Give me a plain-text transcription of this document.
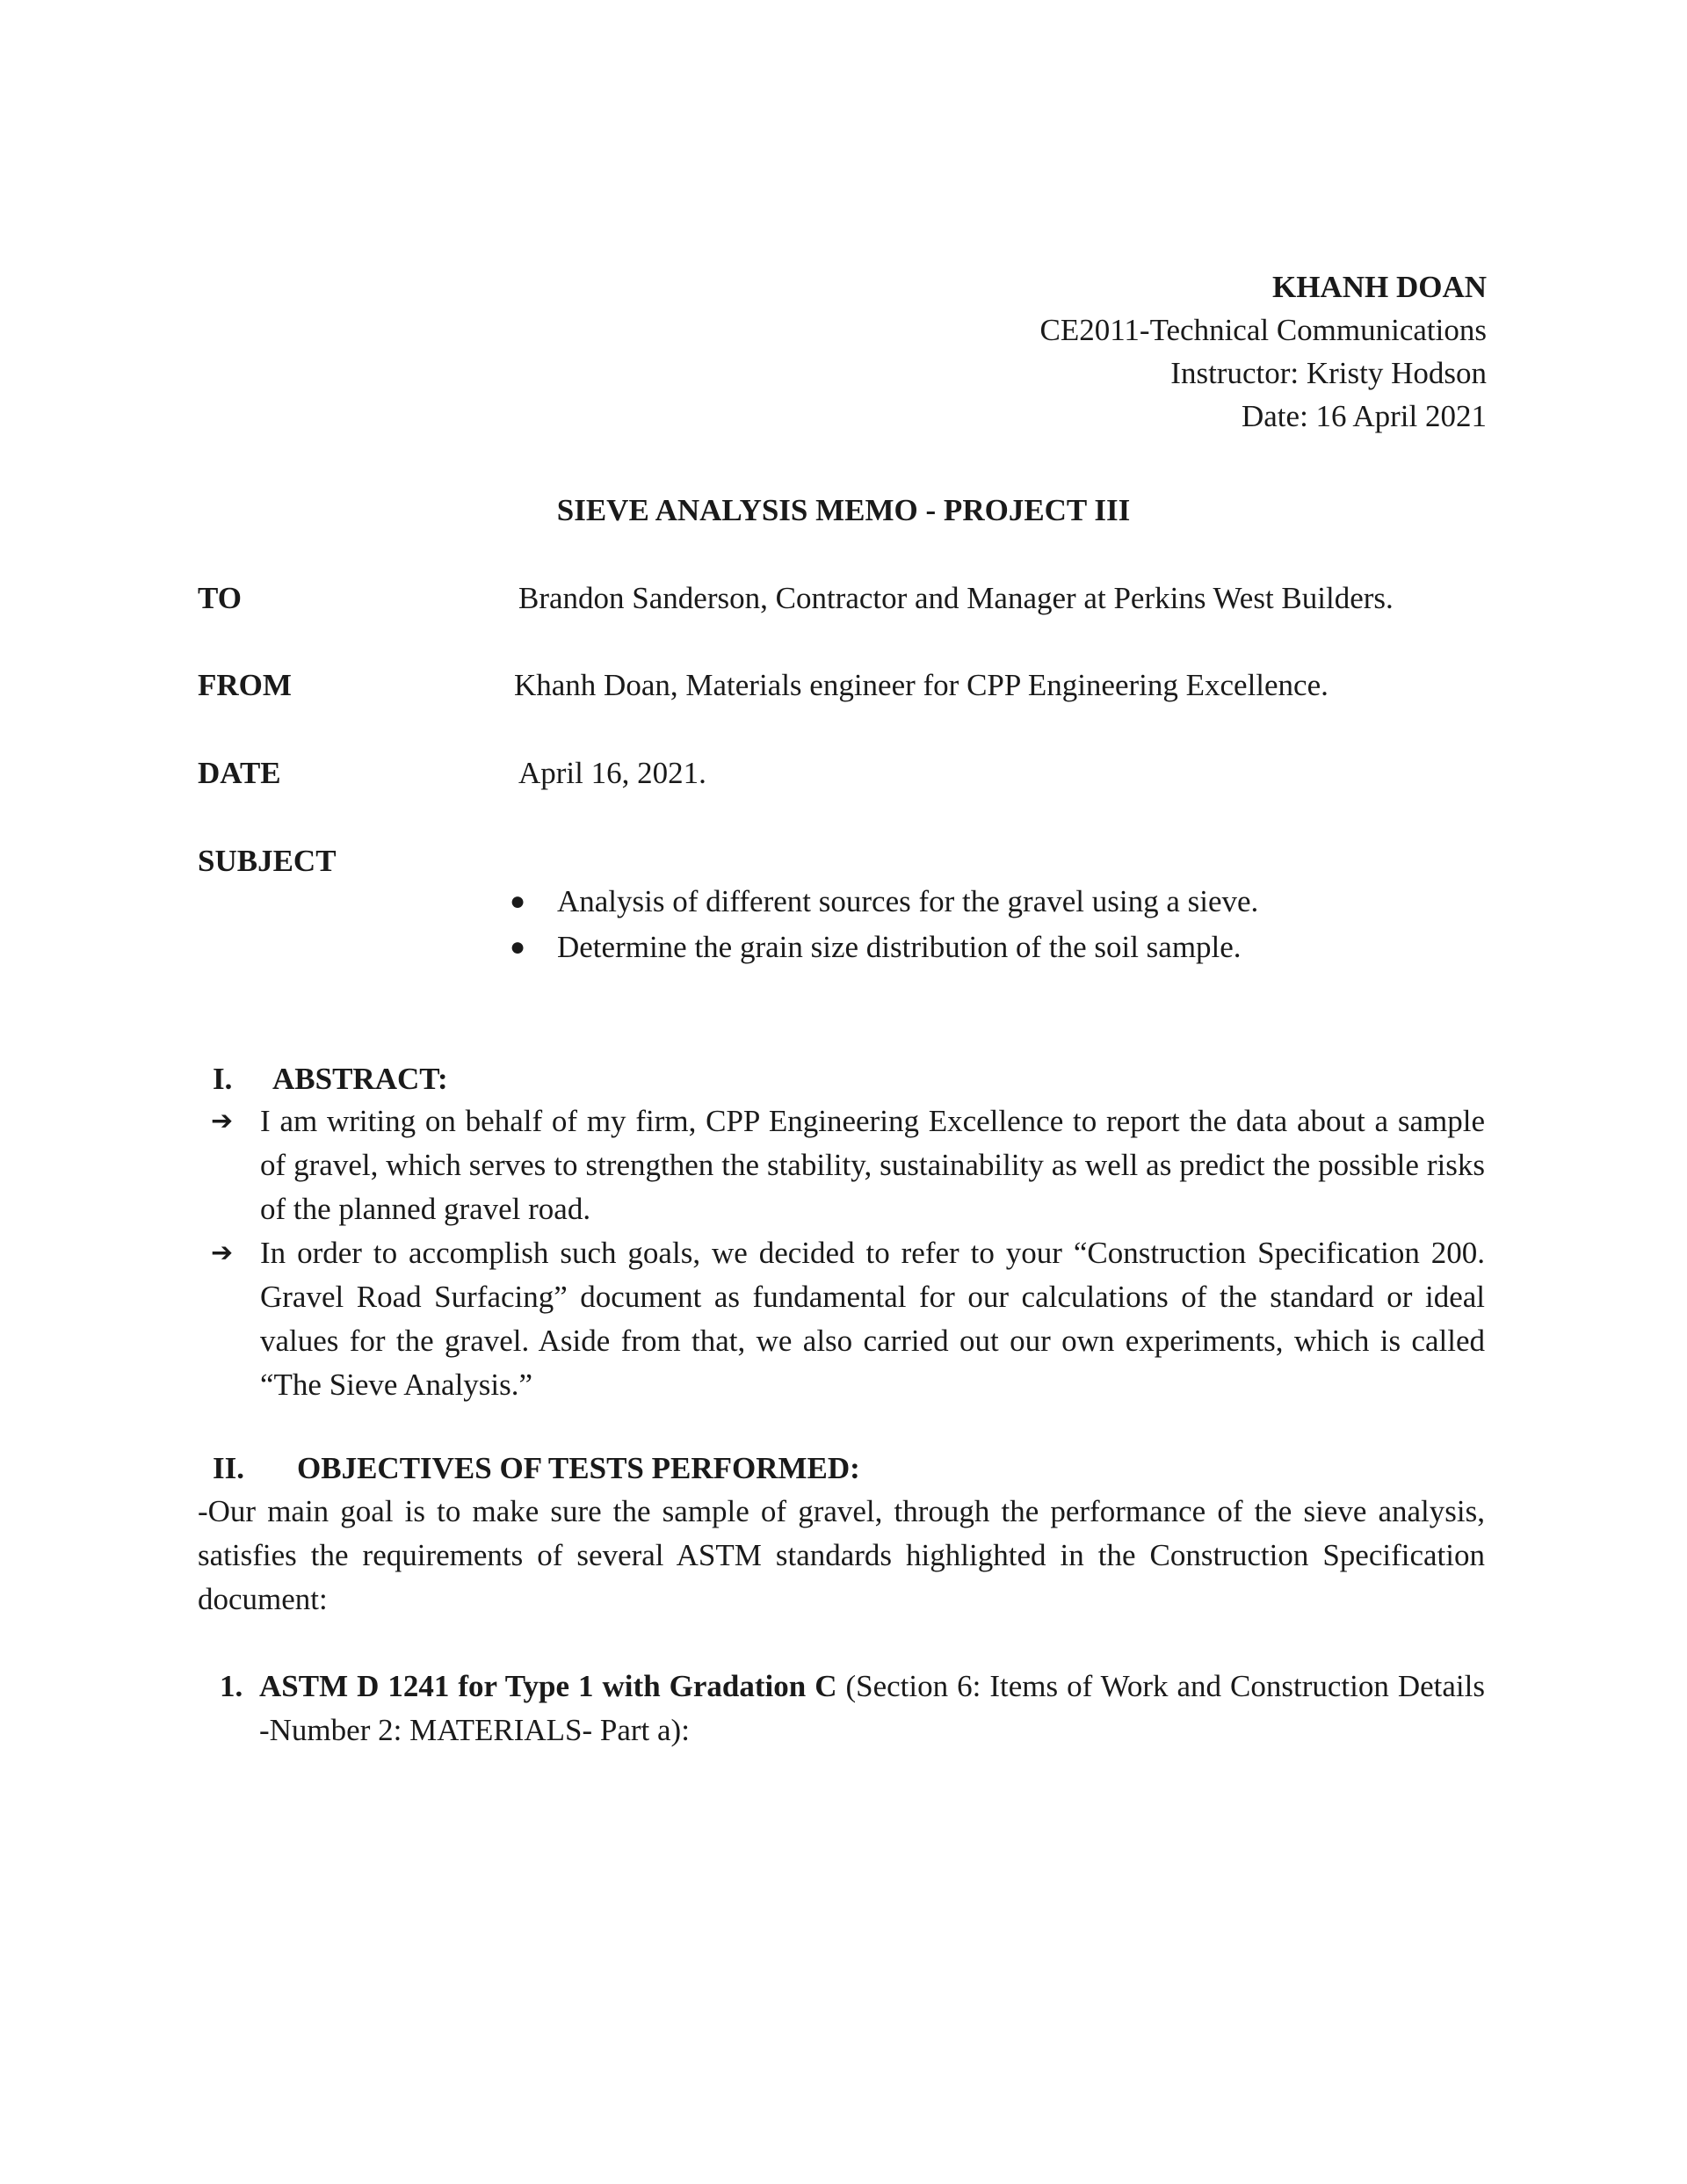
KHANH DOAN
CE2011-Technical Communications
Instructor: Kristy Hodson
Date: 16 April 2021
SIEVE ANALYSIS MEMO - PROJECT III
TO	Brandon Sanderson, Contractor and Manager at Perkins West Builders.
FROM	Khanh Doan, Materials engineer for CPP Engineering Excellence.
DATE	April 16, 2021.
SUBJECT
● Analysis of different sources for the gravel using a sieve.
● Determine the grain size distribution of the soil sample.
I. ABSTRACT:
➔ I am writing on behalf of my firm, CPP Engineering Excellence to report the data about a sample of gravel, which serves to strengthen the stability, sustainability as well as predict the possible risks of the planned gravel road.
➔ In order to accomplish such goals, we decided to refer to your “Construction Specification 200. Gravel Road Surfacing” document as fundamental for our calculations of the standard or ideal values for the gravel. Aside from that, we also carried out our own experiments, which is called “The Sieve Analysis.”
II. OBJECTIVES OF TESTS PERFORMED:
-Our main goal is to make sure the sample of gravel, through the performance of the sieve analysis, satisfies the requirements of several ASTM standards highlighted in the Construction Specification document:
1. ASTM D 1241 for Type 1 with Gradation C (Section 6: Items of Work and Construction Details -Number 2: MATERIALS- Part a):
